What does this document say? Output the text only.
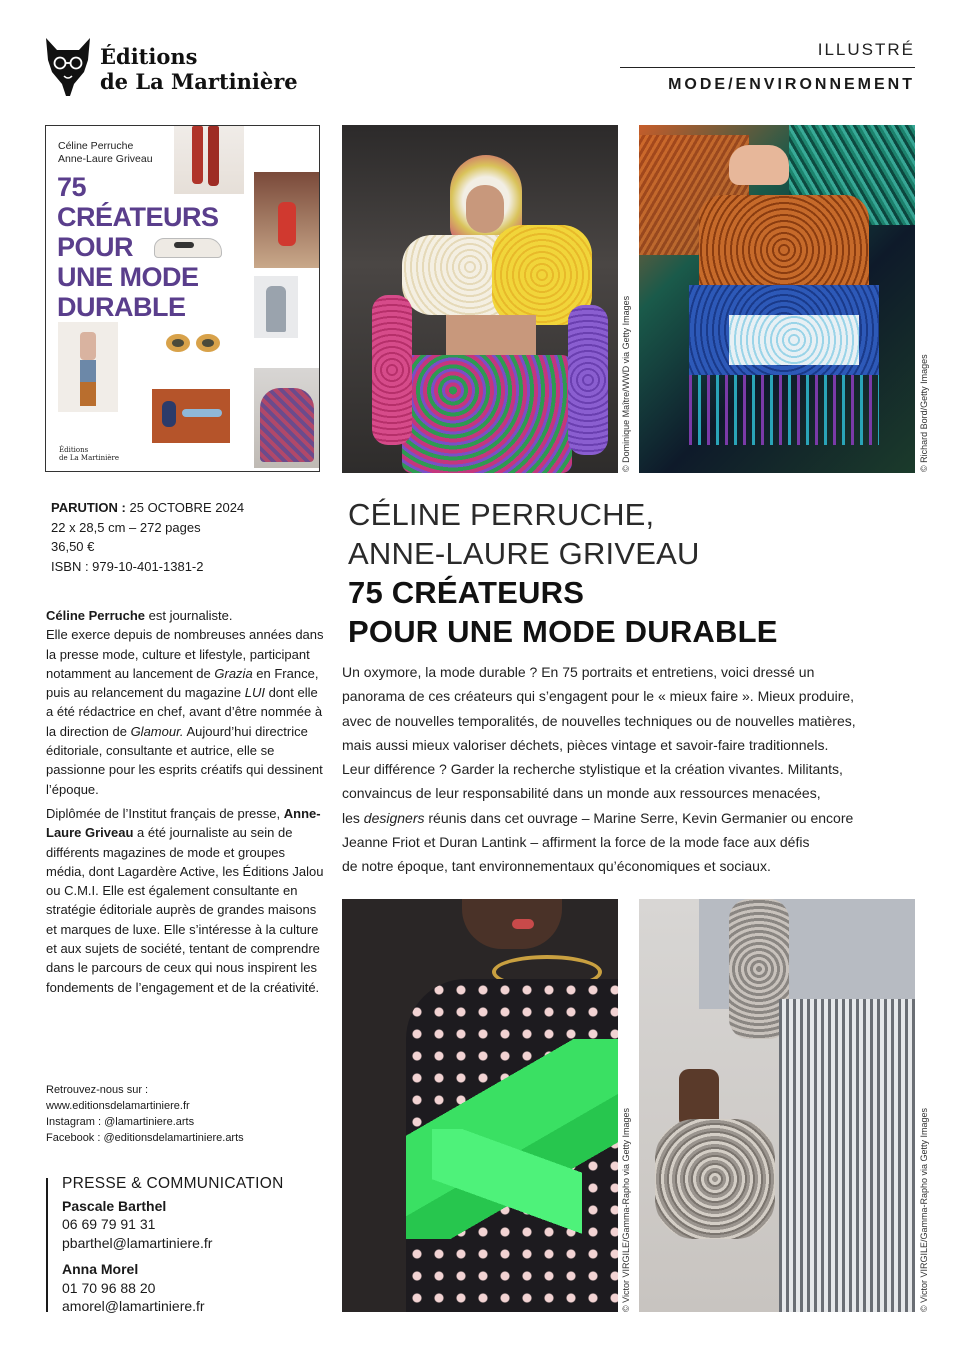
Éditions
de La Martinière
ILLUSTRÉ
MODE/ENVIRONNEMENT
Céline Perruche
Anne-Laure Griveau
75
CRÉATEURS
POUR
UNE MODE
DURABLE
Éditions
de La Martinière	© Dominique Maître/WWD via Getty Images	© Richard Bord/Getty Images
PARUTION : 25 OCTOBRE 2024
22 x 28,5 cm – 272 pages
36,50 €
ISBN : 979-10-401-1381-2
CÉLINE PERRUCHE,
ANNE-LAURE GRIVEAU
75 CRÉATEURS
POUR UNE MODE DURABLE
Un oxymore, la mode durable ? En 75 portraits et entretiens, voici dressé un
panorama de ces créateurs qui s’engagent pour le « mieux faire ». Mieux produire,
avec de nouvelles temporalités, de nouvelles techniques ou de nouvelles matières,
mais aussi mieux valoriser déchets, pièces vintage et savoir-faire traditionnels.
Leur différence ? Garder la recherche stylistique et la création vivantes. Militants,
convaincus de leur responsabilité dans un monde aux ressources menacées,
les designers réunis dans cet ouvrage – Marine Serre, Kevin Germanier ou encore
Jeanne Friot et Duran Lantink – affirment la force de la mode face aux défis
de notre époque, tant environnementaux qu’économiques et sociaux.

Céline Perruche est journaliste.
Elle exerce depuis de nombreuses années dans la presse mode, culture et lifestyle, participant notamment au lancement de Grazia en France, puis au relancement du magazine LUI dont elle a été rédactrice en chef, avant d’être nommée à la direction de Glamour. Aujourd’hui directrice éditoriale, consultante et autrice, elle se passionne pour les esprits créatifs qui dessinent l’époque.

Diplômée de l’Institut français de presse, Anne-Laure Griveau a été journaliste au sein de différents magazines de mode et groupes média, dont Lagardère Active, les Éditions Jalou ou C.M.I. Elle est également consultante en stratégie éditoriale auprès de grandes maisons et marques de luxe. Elle s’intéresse à la culture et aux sujets de société, tentant de comprendre dans le parcours de ceux qui nous inspirent les fondements de l’engagement et de la créativité.

Retrouvez-nous sur :
www.editionsdelamartiniere.fr
Instagram : @lamartiniere.arts
Facebook : @editionsdelamartiniere.arts
PRESSE & COMMUNICATION
Pascale Barthel
06 69 79 91 31
pbarthel@lamartiniere.fr
Anna Morel
01 70 96 88 20
amorel@lamartiniere.fr	© Victor VIRGILE/Gamma-Rapho via Getty Images	© Victor VIRGILE/Gamma-Rapho via Getty Images
